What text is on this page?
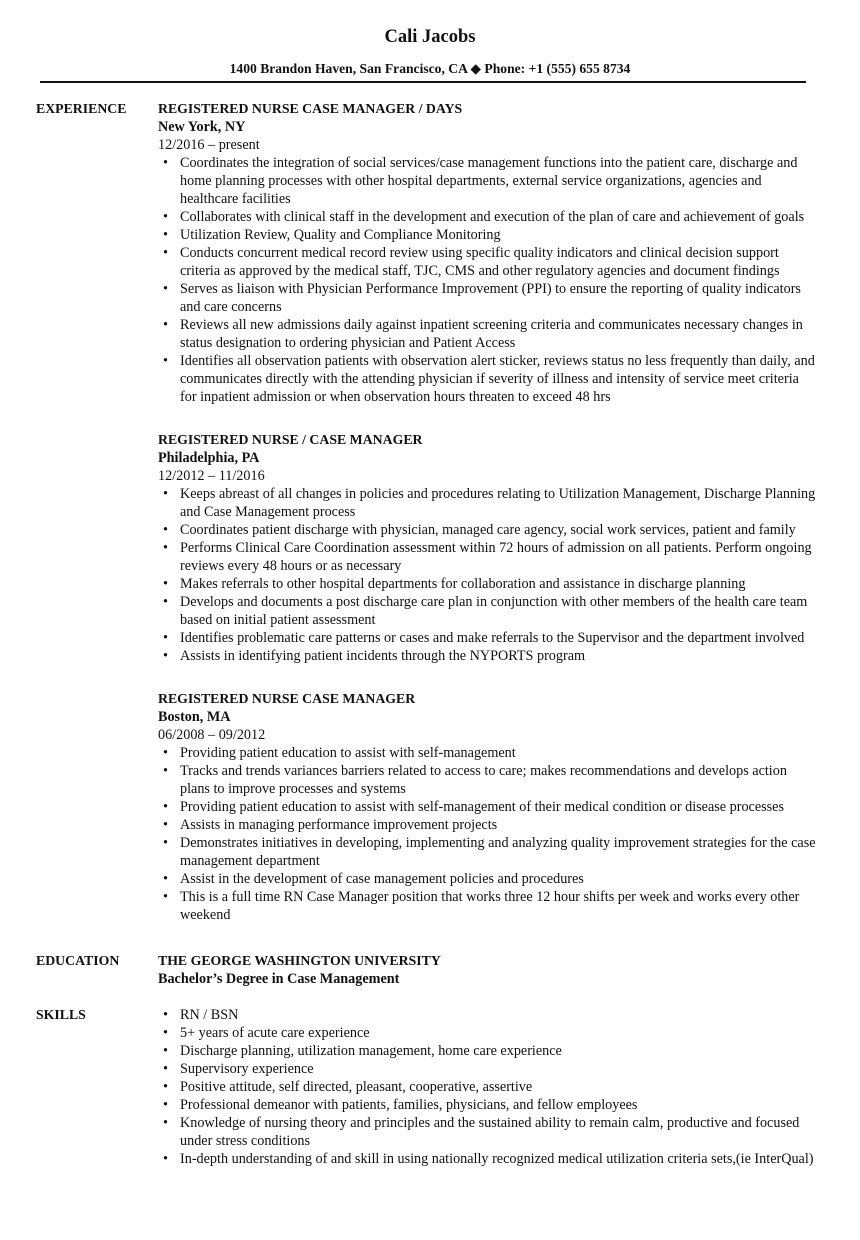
Cali Jacobs
1400 Brandon Haven, San Francisco, CA ◆ Phone: +1 (555) 655 8734
EXPERIENCE REGISTERED NURSE CASE MANAGER / DAYS
New York, NY
12/2016 – present
• Coordinates the integration of social services/case management functions into the patient care, discharge and home planning processes with other hospital departments, external service organizations, agencies and healthcare facilities
• Collaborates with clinical staff in the development and execution of the plan of care and achievement of goals
• Utilization Review, Quality and Compliance Monitoring
• Conducts concurrent medical record review using specific quality indicators and clinical decision support criteria as approved by the medical staff, TJC, CMS and other regulatory agencies and document findings
• Serves as liaison with Physician Performance Improvement (PPI) to ensure the reporting of quality indicators and care concerns
• Reviews all new admissions daily against inpatient screening criteria and communicates necessary changes in status designation to ordering physician and Patient Access
• Identifies all observation patients with observation alert sticker, reviews status no less frequently than daily, and communicates directly with the attending physician if severity of illness and intensity of service meet criteria for inpatient admission or when observation hours threaten to exceed 48 hrs
REGISTERED NURSE / CASE MANAGER
Philadelphia, PA
12/2012 – 11/2016
• Keeps abreast of all changes in policies and procedures relating to Utilization Management, Discharge Planning and Case Management process
• Coordinates patient discharge with physician, managed care agency, social work services, patient and family
• Performs Clinical Care Coordination assessment within 72 hours of admission on all patients. Perform ongoing reviews every 48 hours or as necessary
• Makes referrals to other hospital departments for collaboration and assistance in discharge planning
• Develops and documents a post discharge care plan in conjunction with other members of the health care team based on initial patient assessment
• Identifies problematic care patterns or cases and make referrals to the Supervisor and the department involved
• Assists in identifying patient incidents through the NYPORTS program
REGISTERED NURSE CASE MANAGER
Boston, MA
06/2008 – 09/2012
• Providing patient education to assist with self-management
• Tracks and trends variances barriers related to access to care; makes recommendations and develops action plans to improve processes and systems
• Providing patient education to assist with self-management of their medical condition or disease processes
• Assists in managing performance improvement projects
• Demonstrates initiatives in developing, implementing and analyzing quality improvement strategies for the case management department
• Assist in the development of case management policies and procedures
• This is a full time RN Case Manager position that works three 12 hour shifts per week and works every other weekend
EDUCATION	THE GEORGE WASHINGTON UNIVERSITY
Bachelor’s Degree in Case Management
SKILLS
•	RN / BSN
• 5+ years of acute care experience
• Discharge planning, utilization management, home care experience
• Supervisory experience
• Positive attitude, self directed, pleasant, cooperative, assertive
• Professional demeanor with patients, families, physicians, and fellow employees
• Knowledge of nursing theory and principles and the sustained ability to remain calm, productive and focused under stress conditions
• In-depth understanding of and skill in using nationally recognized medical utilization criteria sets,(ie InterQual)
